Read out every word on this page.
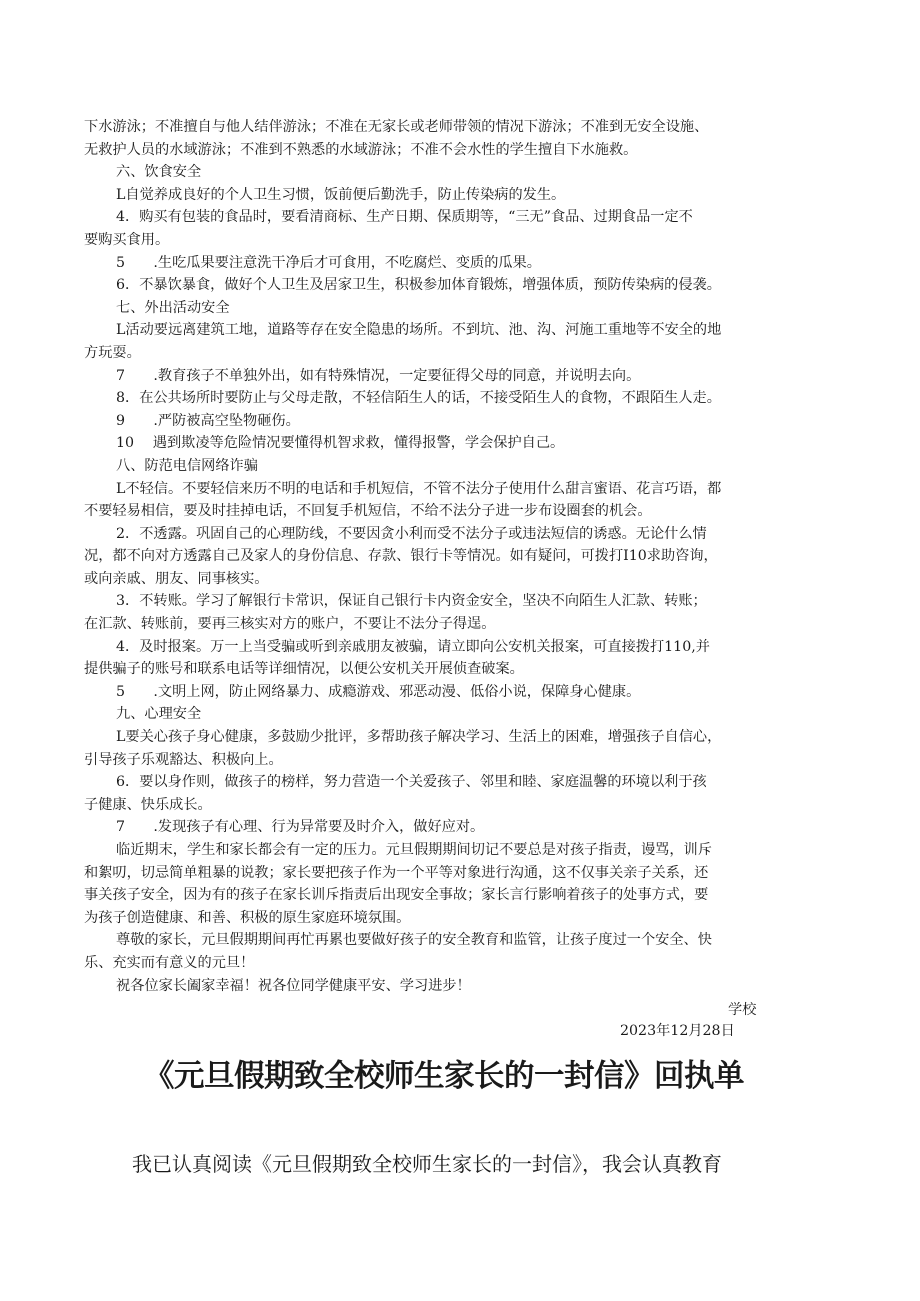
下水游泳；不准擅自与他人结伴游泳；不准在无家长或老师带领的情况下游泳；不准到无安全设施、
无救护人员的水域游泳；不准到不熟悉的水域游泳；不准不会水性的学生擅自下水施救。
六、饮食安全
L自觉养成良好的个人卫生习惯，饭前便后勤洗手，防止传染病的发生。
4．购买有包装的食品时，要看清商标、生产日期、保质期等，“三无”食品、过期食品一定不
要购买食用。
5　　.生吃瓜果要注意洗干净后才可食用，不吃腐烂、变质的瓜果。
6．不暴饮暴食，做好个人卫生及居家卫生，积极参加体育锻炼，增强体质，预防传染病的侵袭。
七、外出活动安全
L活动要远离建筑工地，道路等存在安全隐患的场所。不到坑、池、沟、河施工重地等不安全的地
方玩耍。
7　　.教育孩子不单独外出，如有特殊情况，一定要征得父母的同意，并说明去向。
8．在公共场所时要防止与父母走散，不轻信陌生人的话，不接受陌生人的食物，不跟陌生人走。
9　　.严防被高空坠物砸伤。
10　 遇到欺凌等危险情况要懂得机智求救，懂得报警，学会保护自己。
八、防范电信网络诈骗
L不轻信。不要轻信来历不明的电话和手机短信，不管不法分子使用什么甜言蜜语、花言巧语，都
不要轻易相信，要及时挂掉电话，不回复手机短信，不给不法分子进一步布设圈套的机会。
2．不透露。巩固自己的心理防线，不要因贪小利而受不法分子或违法短信的诱惑。无论什么情
况，都不向对方透露自己及家人的身份信息、存款、银行卡等情况。如有疑问，可拨打I10求助咨询，
或向亲戚、朋友、同事核实。
3．不转账。学习了解银行卡常识，保证自己银行卡内资金安全，坚决不向陌生人汇款、转账；
在汇款、转账前，要再三核实对方的账户，不要让不法分子得逞。
4．及时报案。万一上当受骗或听到亲戚朋友被骗，请立即向公安机关报案，可直接拨打110,并
提供骗子的账号和联系电话等详细情况，以便公安机关开展侦查破案。
5　　.文明上网，防止网络暴力、成瘾游戏、邪恶动漫、低俗小说，保障身心健康。
九、心理安全
L要关心孩子身心健康，多鼓励少批评，多帮助孩子解决学习、生活上的困难，增强孩子自信心，
引导孩子乐观豁达、积极向上。
6．要以身作则，做孩子的榜样，努力营造一个关爱孩子、邻里和睦、家庭温馨的环境以利于孩
子健康、快乐成长。
7　　.发现孩子有心理、行为异常要及时介入，做好应对。
临近期末，学生和家长都会有一定的压力。元旦假期期间切记不要总是对孩子指责，谩骂，训斥
和絮叨，切忌简单粗暴的说教；家长要把孩子作为一个平等对象进行沟通，这不仅事关亲子关系，还
事关孩子安全，因为有的孩子在家长训斥指责后出现安全事故；家长言行影响着孩子的处事方式，要
为孩子创造健康、和善、积极的原生家庭环境氛围。
尊敬的家长，元旦假期期间再忙再累也要做好孩子的安全教育和监管，让孩子度过一个安全、快
乐、充实而有意义的元旦！
祝各位家长阖家幸福！祝各位同学健康平安、学习进步！
学校
2023年12月28日
《元旦假期致全校师生家长的一封信》回执单
我已认真阅读《元旦假期致全校师生家长的一封信》，我会认真教育
